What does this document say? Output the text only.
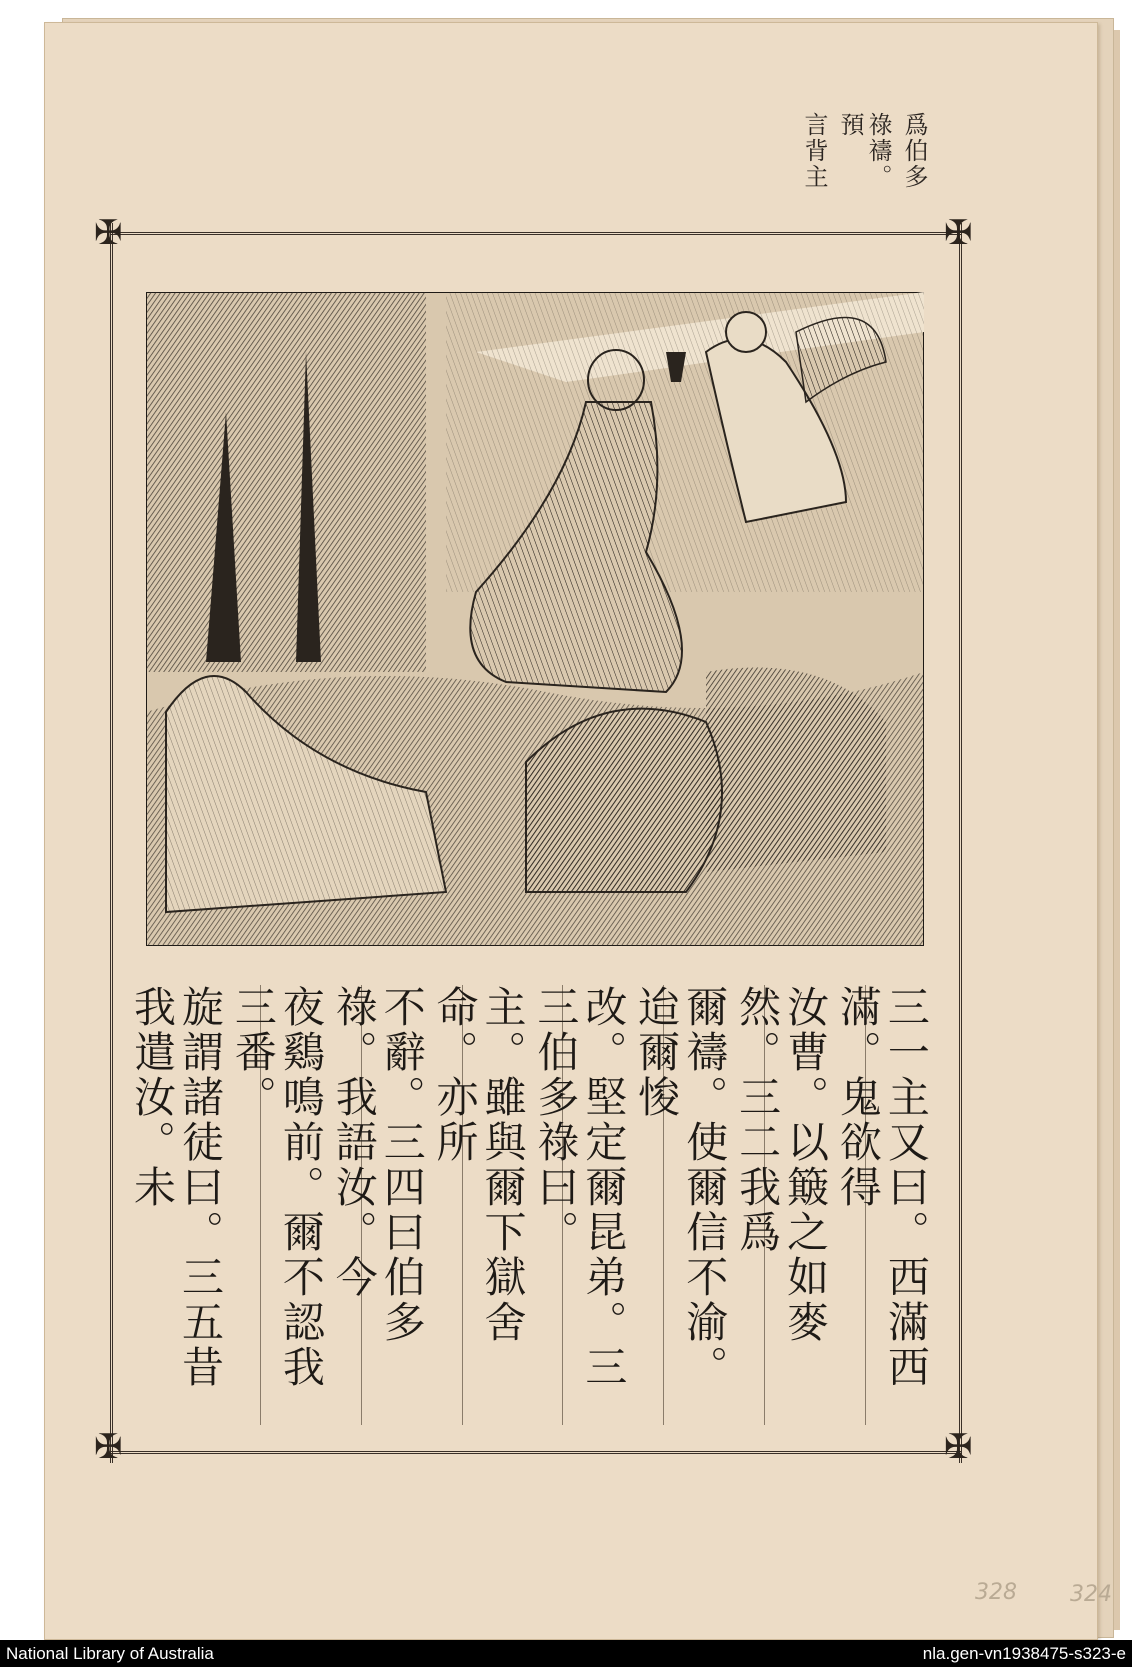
爲伯多
祿禱。預
言背主
✠	✠
✠	✠
三一主又曰。西滿西滿。鬼欲得
汝曹。以簸之如麥然。三二我爲
爾禱。使爾信不渝。迨爾悛
改。堅定爾昆弟。三三伯多祿曰。
主。雖與爾下獄舍命。亦所
不辭。三四曰伯多祿。我語汝。今
夜鷄鳴前。爾不認我三番。
旋謂諸徒曰。三五昔我遣汝。未
328 324
National Library of Australia	nla.gen-vn1938475-s323-e
